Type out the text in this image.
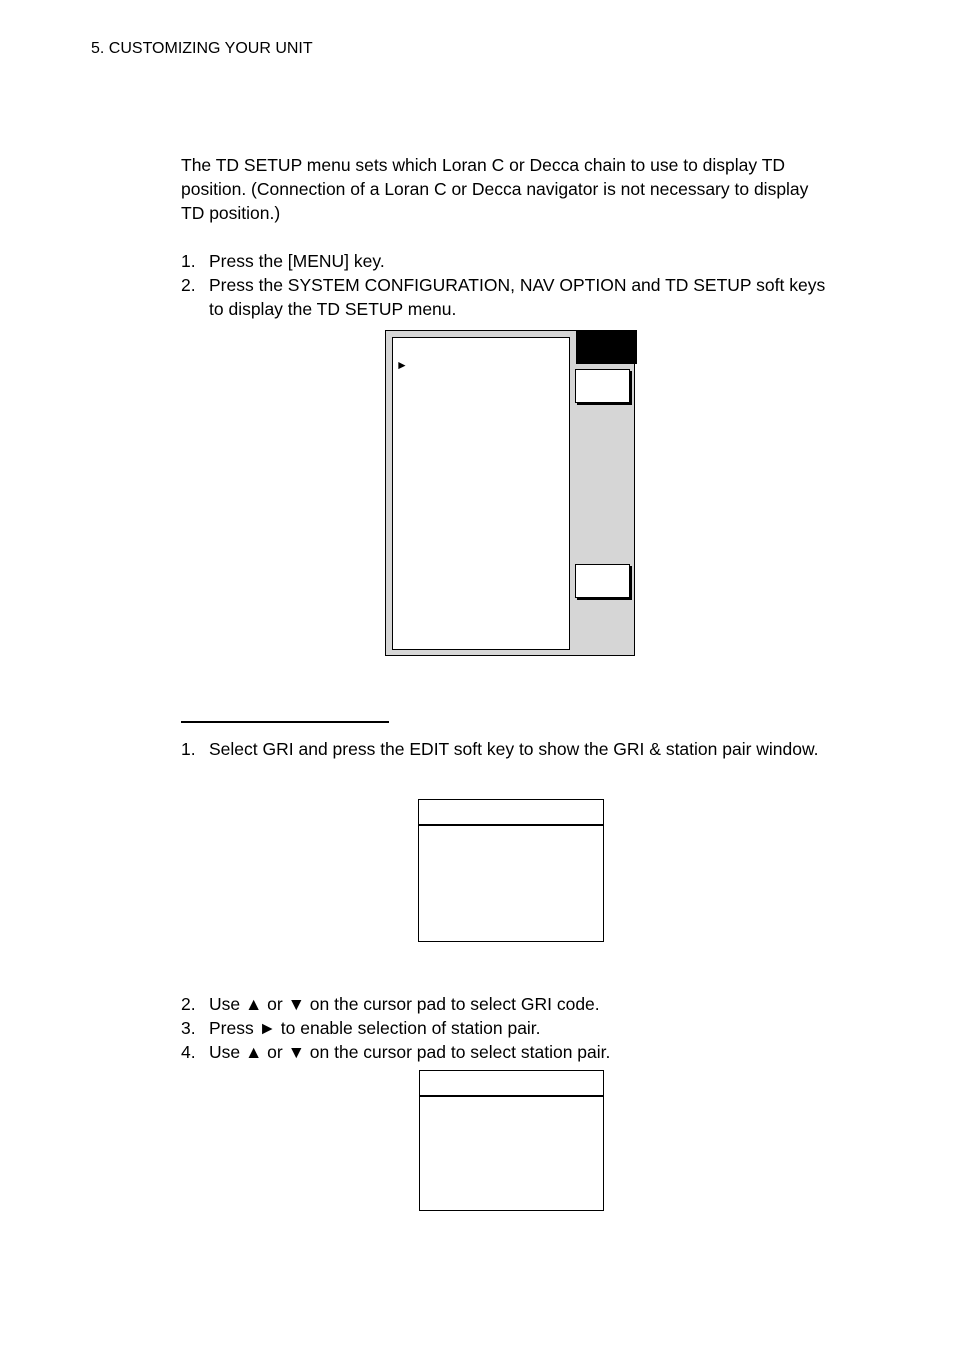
5. CUSTOMIZING YOUR UNIT
The TD SETUP menu sets which Loran C or Decca chain to use to display TD position. (Connection of a Loran C or Decca navigator is not necessary to display TD position.)
1. Press the [MENU] key.
2. Press the SYSTEM CONFIGURATION, NAV OPTION and TD SETUP soft keys to display the TD SETUP menu.
►
1. Select GRI and press the EDIT soft key to show the GRI & station pair window.
2. Use ▲ or ▼ on the cursor pad to select GRI code.
3. Press ► to enable selection of station pair.
4. Use ▲ or ▼ on the cursor pad to select station pair.
